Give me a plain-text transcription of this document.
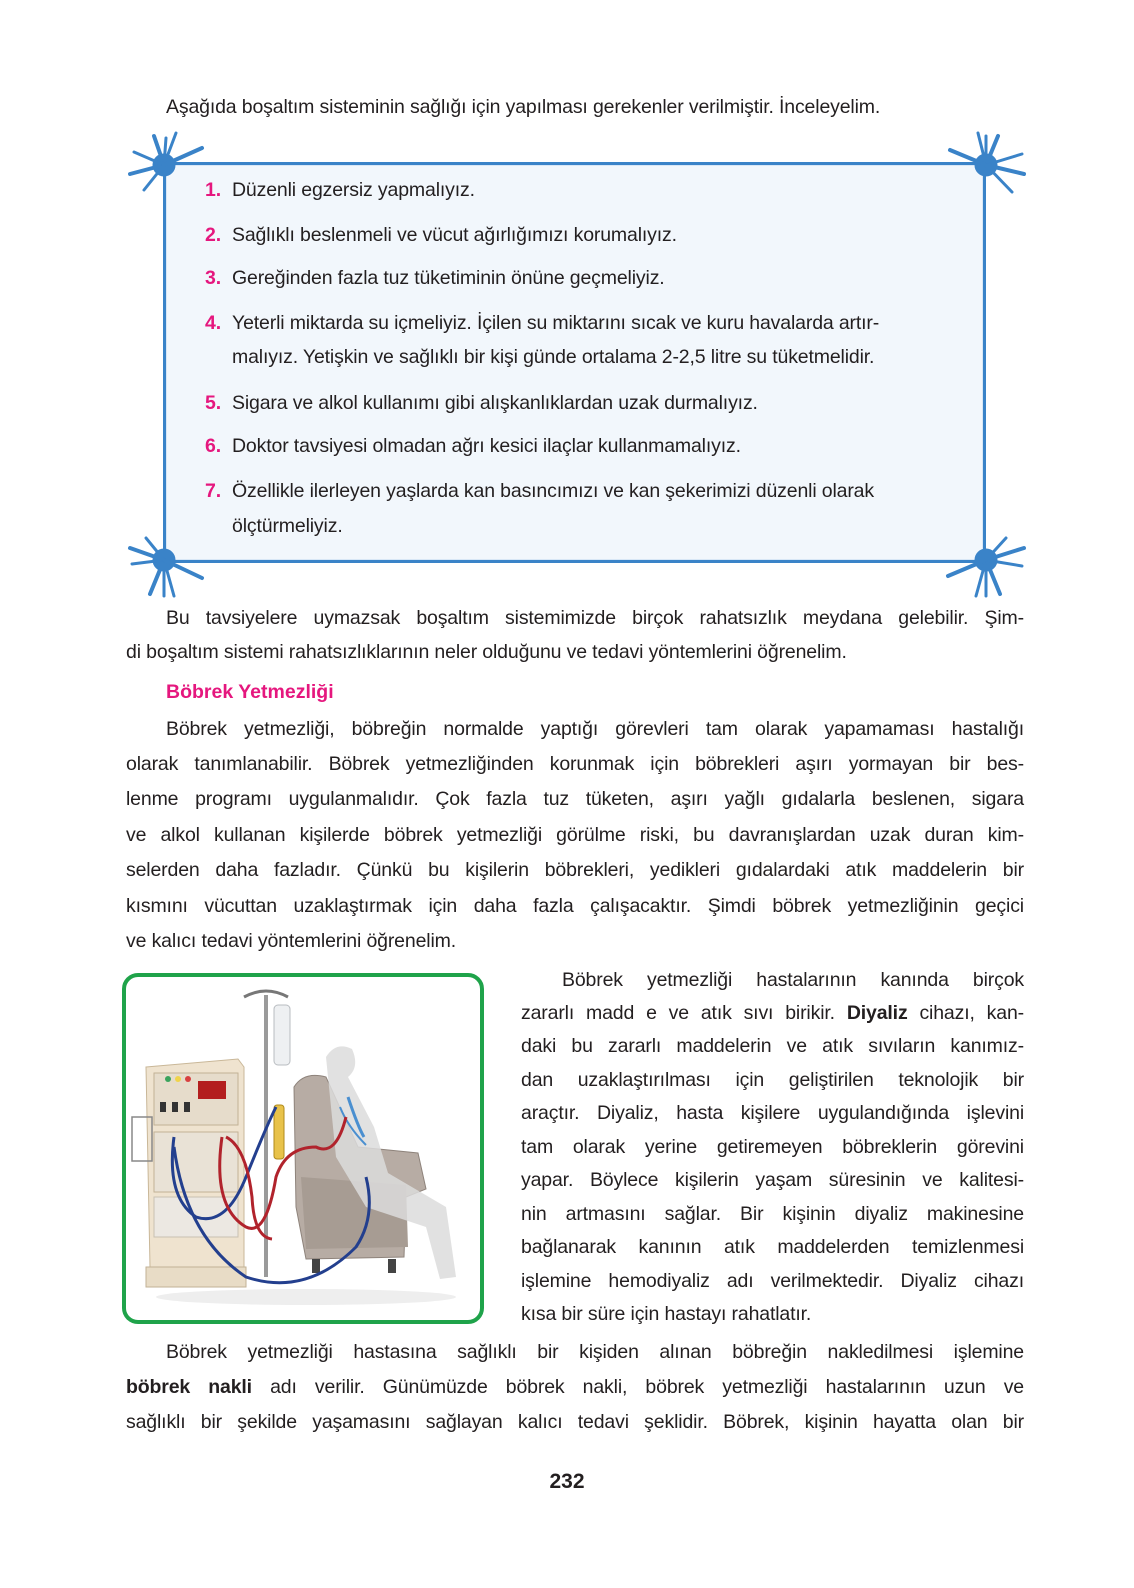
Aşağıda boşaltım sisteminin sağlığı için yapılması gerekenler verilmiştir. İnceleyelim.
1. Düzenli egzersiz yapmalıyız.
2. Sağlıklı beslenmeli ve vücut ağırlığımızı korumalıyız.
3. Gereğinden fazla tuz tüketiminin önüne geçmeliyiz.
4. Yeterli miktarda su içmeliyiz. İçilen su miktarını sıcak ve kuru havalarda artır-
malıyız. Yetişkin ve sağlıklı bir kişi günde ortalama 2-2,5 litre su tüketmelidir.
5. Sigara ve alkol kullanımı gibi alışkanlıklardan uzak durmalıyız.
6. Doktor tavsiyesi olmadan ağrı kesici ilaçlar kullanmamalıyız.
7. Özellikle ilerleyen yaşlarda kan basıncımızı ve kan şekerimizi düzenli olarak
ölçtürmeliyiz.
Bu tavsiyelere uymazsak boşaltım sistemimizde birçok rahatsızlık meydana gelebilir. Şim-
di boşaltım sistemi rahatsızlıklarının neler olduğunu ve tedavi yöntemlerini öğrenelim.
Böbrek Yetmezliği
Böbrek yetmezliği, böbreğin normalde yaptığı görevleri tam olarak yapamaması hastalığı
olarak tanımlanabilir. Böbrek yetmezliğinden korunmak için böbrekleri aşırı yormayan bir bes-
lenme programı uygulanmalıdır. Çok fazla tuz tüketen, aşırı yağlı gıdalarla beslenen, sigara
ve alkol kullanan kişilerde böbrek yetmezliği görülme riski, bu davranışlardan uzak duran kim-
selerden daha fazladır. Çünkü bu kişilerin böbrekleri, yedikleri gıdalardaki atık maddelerin bir
kısmını vücuttan uzaklaştırmak için daha fazla çalışacaktır. Şimdi böbrek yetmezliğinin geçici
ve kalıcı tedavi yöntemlerini öğrenelim.
Böbrek yetmezliği hastalarının kanında birçok
zararlı madd e ve atık sıvı birikir. Diyaliz cihazı, kan-
daki bu zararlı maddelerin ve atık sıvıların kanımız-
dan uzaklaştırılması için geliştirilen teknolojik bir
araçtır. Diyaliz, hasta kişilere uygulandığında işlevini
tam olarak yerine getiremeyen böbreklerin görevini
yapar. Böylece kişilerin yaşam süresinin ve kalitesi-
nin artmasını sağlar. Bir kişinin diyaliz makinesine
bağlanarak kanının atık maddelerden temizlenmesi
işlemine hemodiyaliz adı verilmektedir. Diyaliz cihazı
kısa bir süre için hastayı rahatlatır.
Böbrek yetmezliği hastasına sağlıklı bir kişiden alınan böbreğin nakledilmesi işlemine
böbrek nakli adı verilir. Günümüzde böbrek nakli, böbrek yetmezliği hastalarının uzun ve
sağlıklı bir şekilde yaşamasını sağlayan kalıcı tedavi şeklidir. Böbrek, kişinin hayatta olan bir
232
